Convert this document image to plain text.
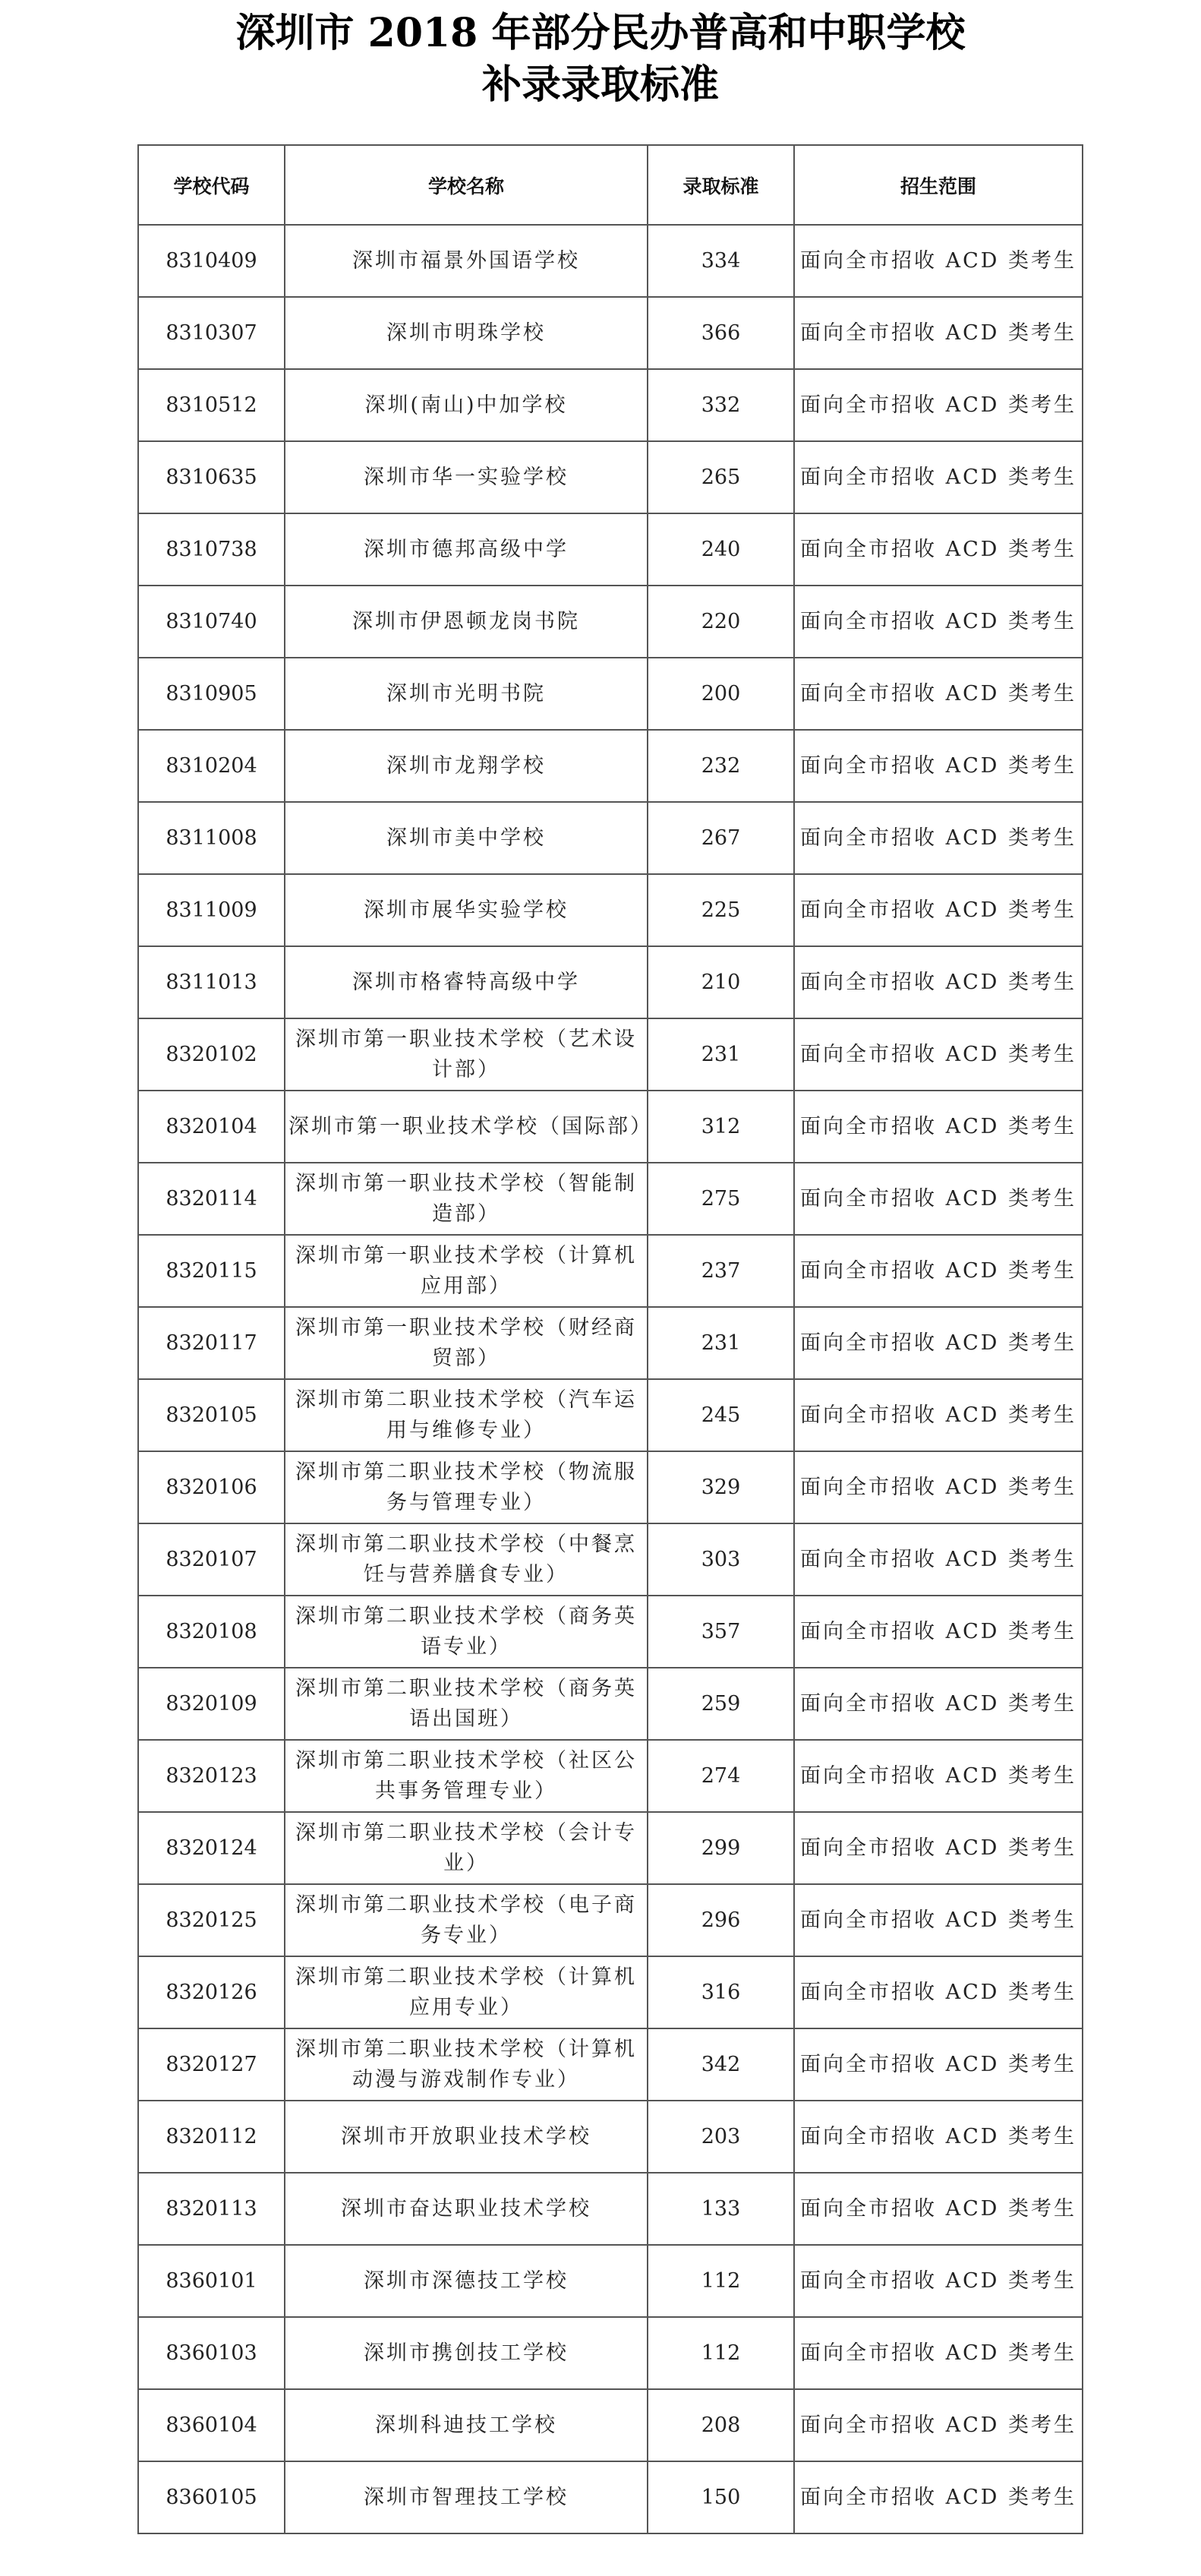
深圳市 2018 年部分民办普高和中职学校
补录录取标准
学校代码	学校名称	录取标准	招生范围
8310409	深圳市福景外国语学校	334	面向全市招收 ACD 类考生
8310307	深圳市明珠学校	366	面向全市招收 ACD 类考生
8310512	深圳(南山)中加学校	332	面向全市招收 ACD 类考生
8310635	深圳市华一实验学校	265	面向全市招收 ACD 类考生
8310738	深圳市德邦高级中学	240	面向全市招收 ACD 类考生
8310740	深圳市伊恩顿龙岗书院	220	面向全市招收 ACD 类考生
8310905	深圳市光明书院	200	面向全市招收 ACD 类考生
8310204	深圳市龙翔学校	232	面向全市招收 ACD 类考生
8311008	深圳市美中学校	267	面向全市招收 ACD 类考生
8311009	深圳市展华实验学校	225	面向全市招收 ACD 类考生
8311013	深圳市格睿特高级中学	210	面向全市招收 ACD 类考生
8320102	深圳市第一职业技术学校（艺术设计部）	231	面向全市招收 ACD 类考生
8320104	深圳市第一职业技术学校（国际部）	312	面向全市招收 ACD 类考生
8320114	深圳市第一职业技术学校（智能制造部）	275	面向全市招收 ACD 类考生
8320115	深圳市第一职业技术学校（计算机应用部）	237	面向全市招收 ACD 类考生
8320117	深圳市第一职业技术学校（财经商贸部）	231	面向全市招收 ACD 类考生
8320105	深圳市第二职业技术学校（汽车运用与维修专业）	245	面向全市招收 ACD 类考生
8320106	深圳市第二职业技术学校（物流服务与管理专业）	329	面向全市招收 ACD 类考生
8320107	深圳市第二职业技术学校（中餐烹饪与营养膳食专业）	303	面向全市招收 ACD 类考生
8320108	深圳市第二职业技术学校（商务英语专业）	357	面向全市招收 ACD 类考生
8320109	深圳市第二职业技术学校（商务英语出国班）	259	面向全市招收 ACD 类考生
8320123	深圳市第二职业技术学校（社区公共事务管理专业）	274	面向全市招收 ACD 类考生
8320124	深圳市第二职业技术学校（会计专业）	299	面向全市招收 ACD 类考生
8320125	深圳市第二职业技术学校（电子商务专业）	296	面向全市招收 ACD 类考生
8320126	深圳市第二职业技术学校（计算机应用专业）	316	面向全市招收 ACD 类考生
8320127	深圳市第二职业技术学校（计算机动漫与游戏制作专业）	342	面向全市招收 ACD 类考生
8320112	深圳市开放职业技术学校	203	面向全市招收 ACD 类考生
8320113	深圳市奋达职业技术学校	133	面向全市招收 ACD 类考生
8360101	深圳市深德技工学校	112	面向全市招收 ACD 类考生
8360103	深圳市携创技工学校	112	面向全市招收 ACD 类考生
8360104	深圳科迪技工学校	208	面向全市招收 ACD 类考生
8360105	深圳市智理技工学校	150	面向全市招收 ACD 类考生
